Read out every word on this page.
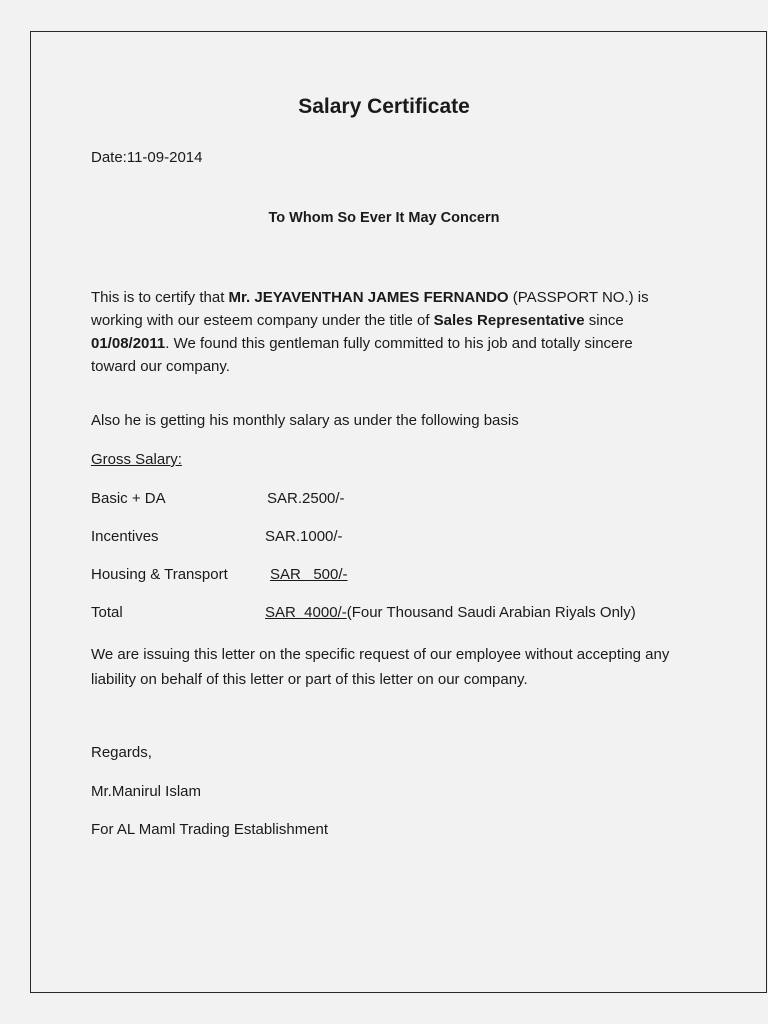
Salary Certificate
Date:11-09-2014
To Whom So Ever It May Concern
This is to certify that Mr. JEYAVENTHAN JAMES FERNANDO (PASSPORT NO.) is working with our esteem company under the title of Sales Representative since 01/08/2011. We found this gentleman fully committed to his job and totally sincere toward our company.
Also he is getting his monthly salary as under the following basis
Gross Salary:
Basic + DA	SAR.2500/-
Incentives	SAR.1000/-
Housing & Transport	SAR   500/-
Total	SAR  4000/-(Four Thousand Saudi Arabian Riyals Only)
We are issuing this letter on the specific request of our employee without accepting any liability on behalf of this letter or part of this letter on our company.
Regards,
Mr.Manirul Islam
For AL Maml Trading Establishment
